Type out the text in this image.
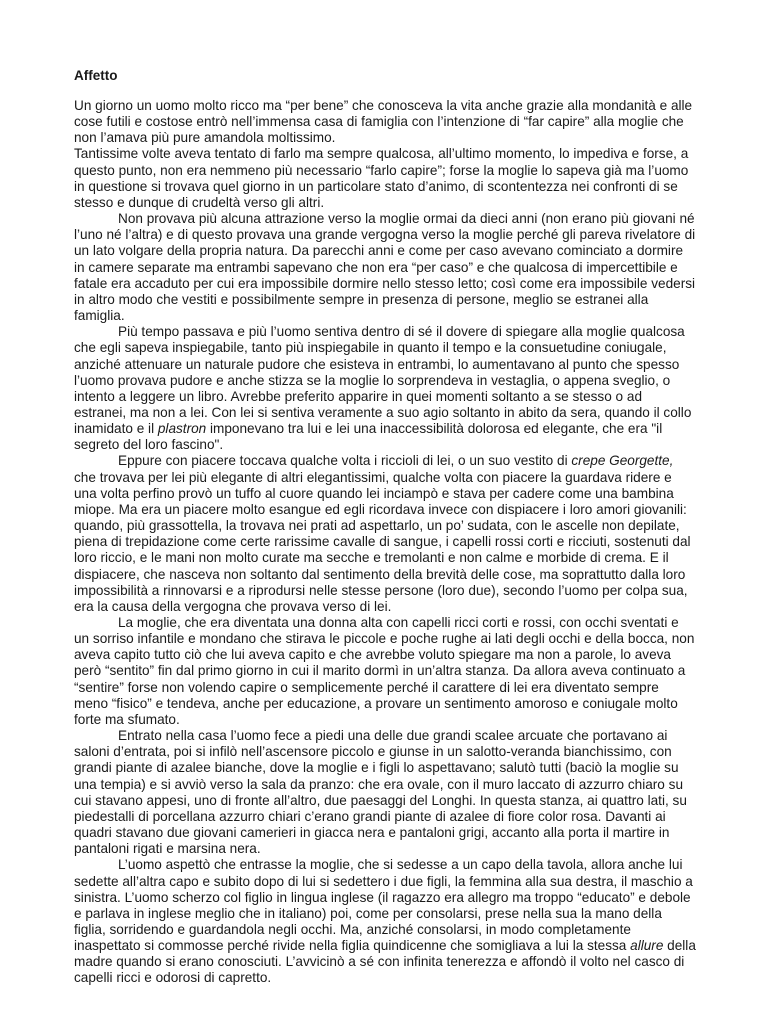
Affetto

Un giorno un uomo molto ricco ma “per bene” che conosceva la vita anche grazie alla mondanità e alle cose futili e costose entrò nell’immensa casa di famiglia con l’intenzione di “far capire” alla moglie che non l’amava più pure amandola moltissimo.

Tantissime volte aveva tentato di farlo ma sempre qualcosa, all’ultimo momento, lo impediva e forse, a questo punto, non era nemmeno più necessario “farlo capire”; forse la moglie lo sapeva già ma l’uomo in questione si trovava quel giorno in un particolare stato d’animo, di scontentezza nei confronti di se stesso e dunque di crudeltà verso gli altri.

Non provava più alcuna attrazione verso la moglie ormai da dieci anni (non erano più giovani né l’uno né l’altra) e di questo provava una grande vergogna verso la moglie perché gli pareva rivelatore di un lato volgare della propria natura. Da parecchi anni e come per caso avevano cominciato a dormire in camere separate ma entrambi sapevano che non era “per caso” e che qualcosa di impercettibile e fatale era accaduto per cui era impossibile dormire nello stesso letto; così come era impossibile vedersi in altro modo che vestiti e possibilmente sempre in presenza di persone, meglio se estranei alla famiglia.

Più tempo passava e più l’uomo sentiva dentro di sé il dovere di spiegare alla moglie qualcosa che egli sapeva inspiegabile, tanto più inspiegabile in quanto il tempo e la consuetudine coniugale, anziché attenuare un naturale pudore che esisteva in entrambi, lo aumentavano al punto che spesso l’uomo provava pudore e anche stizza se la moglie lo sorprendeva in vestaglia, o appena sveglio, o intento a leggere un libro. Avrebbe preferito apparire in quei momenti soltanto a se stesso o ad estranei, ma non a lei. Con lei si sentiva veramente a suo agio soltanto in abito da sera, quando il collo inamidato e il plastron imponevano tra lui e lei una inaccessibilità dolorosa ed elegante, che era "il segreto del loro fascino".

Eppure con piacere toccava qualche volta i riccioli di lei, o un suo vestito di crepe Georgette, che trovava per lei più elegante di altri elegantissimi, qualche volta con piacere la guardava ridere e una volta perfino provò un tuffo al cuore quando lei inciampò e stava per cadere come una bambina miope. Ma era un piacere molto esangue ed egli ricordava invece con dispiacere i loro amori giovanili: quando, più grassottella, la trovava nei prati ad aspettarlo, un po’ sudata, con le ascelle non depilate, piena di trepidazione come certe rarissime cavalle di sangue, i capelli rossi corti e ricciuti, sostenuti dal loro riccio, e le mani non molto curate ma secche e tremolanti e non calme e morbide di crema. E il dispiacere, che nasceva non soltanto dal sentimento della brevità delle cose, ma soprattutto dalla loro impossibilità a rinnovarsi e a riprodursi nelle stesse persone (loro due), secondo l’uomo per colpa sua, era la causa della vergogna che provava verso di lei.

La moglie, che era diventata una donna alta con capelli ricci corti e rossi, con occhi sventati e un sorriso infantile e mondano che stirava le piccole e poche rughe ai lati degli occhi e della bocca, non aveva capito tutto ciò che lui aveva capito e che avrebbe voluto spiegare ma non a parole, lo aveva però “sentito” fin dal primo giorno in cui il marito dormì in un’altra stanza. Da allora aveva continuato a “sentire” forse non volendo capire o semplicemente perché il carattere di lei era diventato sempre meno “fisico” e tendeva, anche per educazione, a provare un sentimento amoroso e coniugale molto forte ma sfumato.

Entrato nella casa l’uomo fece a piedi una delle due grandi scalee arcuate che portavano ai saloni d’entrata, poi si infilò nell’ascensore piccolo e giunse in un salotto-veranda bianchissimo, con grandi piante di azalee bianche, dove la moglie e i figli lo aspettavano; salutò tutti (baciò la moglie su una tempia) e si avviò verso la sala da pranzo: che era ovale, con il muro laccato di azzurro chiaro su cui stavano appesi, uno di fronte all’altro, due paesaggi del Longhi. In questa stanza, ai quattro lati, su piedestalli di porcellana azzurro chiari c’erano grandi piante di azalee di fiore color rosa. Davanti ai quadri stavano due giovani camerieri in giacca nera e pantaloni grigi, accanto alla porta il martire in pantaloni rigati e marsina nera.

L’uomo aspettò che entrasse la moglie, che si sedesse a un capo della tavola, allora anche lui sedette all’altra capo e subito dopo di lui si sedettero i due figli, la femmina alla sua destra, il maschio a sinistra. L’uomo scherzo col figlio in lingua inglese (il ragazzo era allegro ma troppo “educato” e debole e parlava in inglese meglio che in italiano) poi, come per consolarsi, prese nella sua la mano della figlia, sorridendo e guardandola negli occhi. Ma, anziché consolarsi, in modo completamente inaspettato si commosse perché rivide nella figlia quindicenne che somigliava a lui la stessa allure della madre quando si erano conosciuti. L’avvicinò a sé con infinita tenerezza e affondò il volto nel casco di capelli ricci e odorosi di capretto.
